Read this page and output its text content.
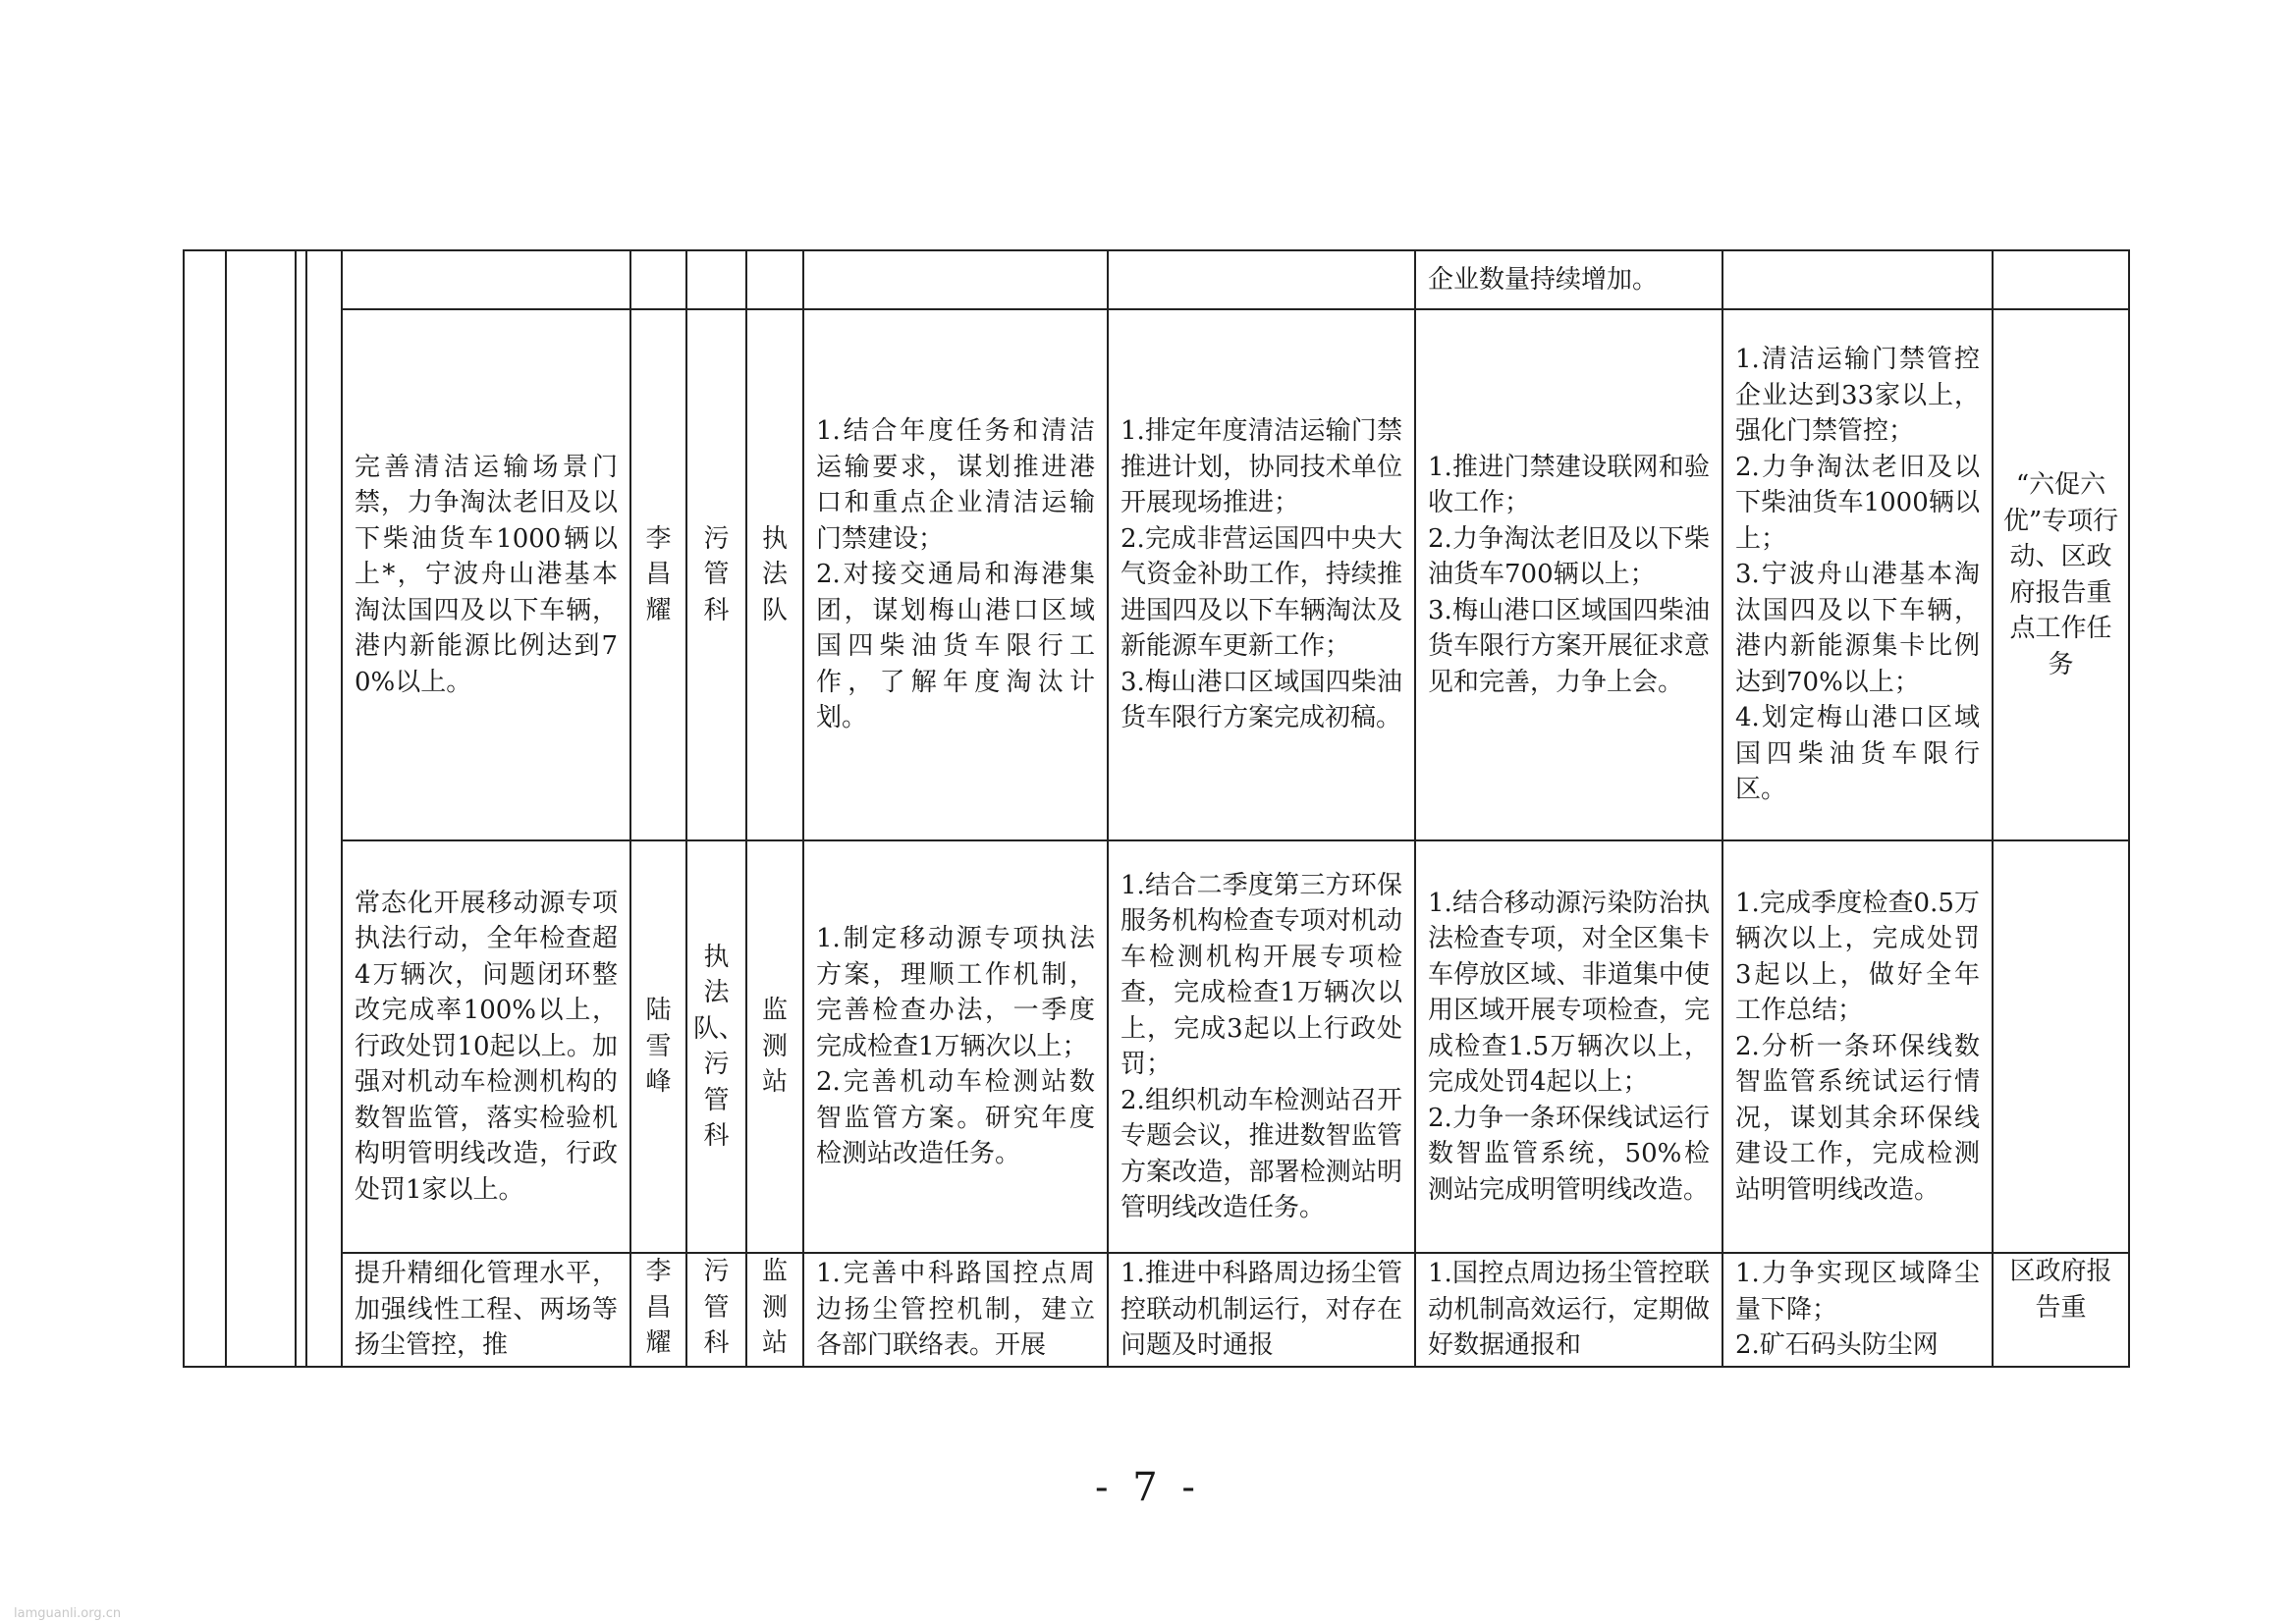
										企业数量持续增加。		

				完善清洁运输场景门禁，力争淘汰老旧及以下柴油货车1000辆以上*，宁波舟山港基本淘汰国四及以下车辆，港内新能源比例达到70%以上。	李昌耀	污管科	执法队	1.结合年度任务和清洁运输要求，谋划推进港口和重点企业清洁运输门禁建设；
2.对接交通局和海港集团，谋划梅山港口区域国四柴油货车限行工作，了解年度淘汰计划。	1.排定年度清洁运输门禁推进计划，协同技术单位开展现场推进；
2.完成非营运国四中央大气资金补助工作，持续推进国四及以下车辆淘汰及新能源车更新工作；
3.梅山港口区域国四柴油货车限行方案完成初稿。	1.推进门禁建设联网和验收工作；
2.力争淘汰老旧及以下柴油货车700辆以上；
3.梅山港口区域国四柴油货车限行方案开展征求意见和完善，力争上会。	1.清洁运输门禁管控企业达到33家以上，强化门禁管控；
2.力争淘汰老旧及以下柴油货车1000辆以上；
3.宁波舟山港基本淘汰国四及以下车辆，港内新能源集卡比例达到70%以上；
4.划定梅山港口区域国四柴油货车限行区。	“六促六优”专项行动、区政府报告重点工作任务

				常态化开展移动源专项执法行动，全年检查超4万辆次，问题闭环整改完成率100%以上，行政处罚10起以上。加强对机动车检测机构的数智监管，落实检验机构明管明线改造，行政处罚1家以上。	陆雪峰	执法队、污管科	监测站	1.制定移动源专项执法方案，理顺工作机制，完善检查办法，一季度完成检查1万辆次以上；
2.完善机动车检测站数智监管方案。研究年度检测站改造任务。	1.结合二季度第三方环保服务机构检查专项对机动车检测机构开展专项检查，完成检查1万辆次以上，完成3起以上行政处罚；
2.组织机动车检测站召开专题会议，推进数智监管方案改造，部署检测站明管明线改造任务。	1.结合移动源污染防治执法检查专项，对全区集卡车停放区域、非道集中使用区域开展专项检查，完成检查1.5万辆次以上，完成处罚4起以上；
2.力争一条环保线试运行数智监管系统，50%检测站完成明管明线改造。	1.完成季度检查0.5万辆次以上，完成处罚3起以上，做好全年工作总结；
2.分析一条环保线数智监管系统试运行情况，谋划其余环保线建设工作，完成检测站明管明线改造。	

				提升精细化管理水平，加强线性工程、两场等扬尘管控，推	李昌耀	污管科	监测站	1.完善中科路国控点周边扬尘管控机制，建立各部门联络表。开展	1.推进中科路周边扬尘管控联动机制运行，对存在问题及时通报	1.国控点周边扬尘管控联动机制高效运行，定期做好数据通报和	1.力争实现区域降尘量下降；
2.矿石码头防尘网	区政府报告重
- 7 -
lamguanli.org.cn
